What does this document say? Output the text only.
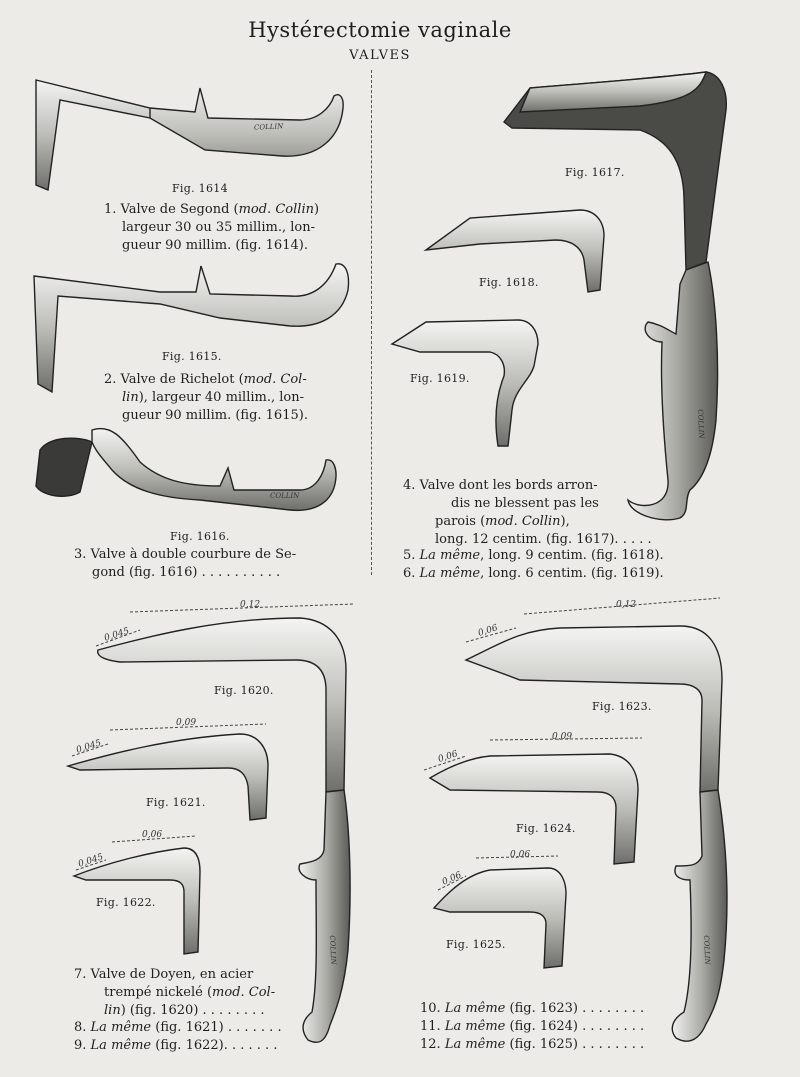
Hystérectomie vaginale
VALVES
COLLIN
COLLIN
COLLIN
COLLIN	COLLIN
0,12
0,045
0,09
0,045
0,06
0,045
0,12
0,06
0,09
0,06
0,06
0,06
Fig. 1614
Fig. 1615.
Fig. 1616.
Fig. 1617.
Fig. 1618.
Fig. 1619.
Fig. 1620.
Fig. 1621.
Fig. 1622.
Fig. 1623.
Fig. 1624.
Fig. 1625.
1. Valve de Segond (mod. Collin)
largeur 30 ou 35 millim., lon-
gueur 90 millim. (fig. 1614).
2. Valve de Richelot (mod. Col-
lin), largeur 40 millim., lon-
gueur 90 millim. (fig. 1615).
3. Valve à double courbure de Se-
gond (fig. 1616) . . . . . . . . . .
4. Valve dont les bords arron-
dis ne blessent pas les
parois (mod. Collin),
long. 12 centim. (fig. 1617). . . . .
5. La même, long. 9 centim. (fig. 1618).
6. La même, long. 6 centim. (fig. 1619).
7. Valve de Doyen, en acier
trempé nickelé (mod. Col-
lin) (fig. 1620) . . . . . . . .
8. La même (fig. 1621) . . . . . . .
9. La même (fig. 1622). . . . . . .
10. La même (fig. 1623) . . . . . . . .
11. La même (fig. 1624) . . . . . . . .
12. La même (fig. 1625) . . . . . . . .
